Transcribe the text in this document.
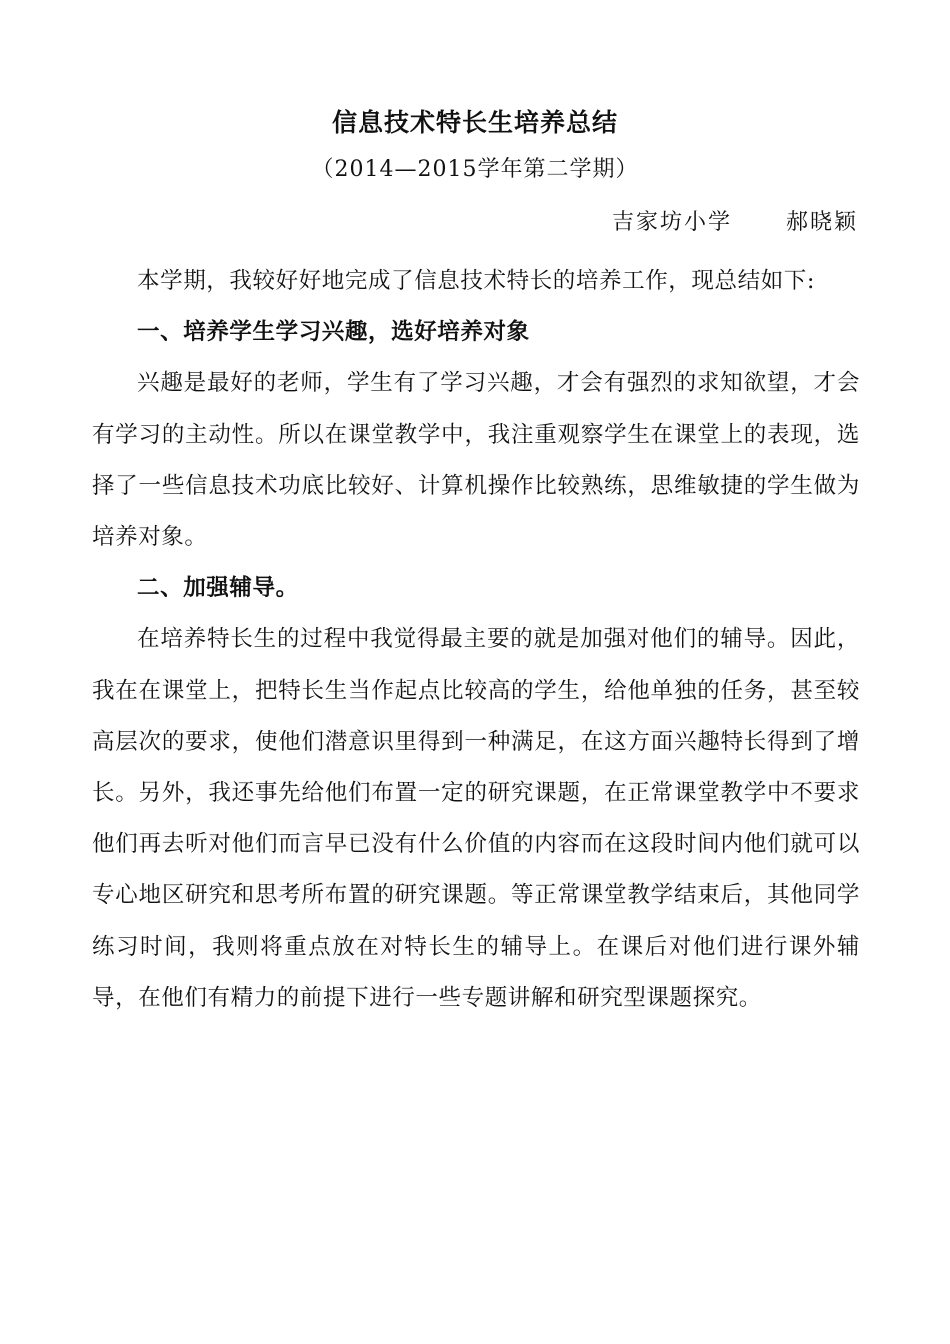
信息技术特长生培养总结
（2014—2015学年第二学期）
吉家坊小学 郝晓颖

本学期，我较好好地完成了信息技术特长的培养工作，现总结如下:

一、培养学生学习兴趣，选好培养对象

兴趣是最好的老师，学生有了学习兴趣，才会有强烈的求知欲望，才会有学习的主动性。所以在课堂教学中，我注重观察学生在课堂上的表现，选择了一些信息技术功底比较好、计算机操作比较熟练，思维敏捷的学生做为培养对象。

二、加强辅导。

在培养特长生的过程中我觉得最主要的就是加强对他们的辅导。因此，我在在课堂上，把特长生当作起点比较高的学生，给他单独的任务，甚至较高层次的要求，使他们潜意识里得到一种满足，在这方面兴趣特长得到了增长。另外，我还事先给他们布置一定的研究课题，在正常课堂教学中不要求他们再去听对他们而言早已没有什么价值的内容而在这段时间内他们就可以专心地区研究和思考所布置的研究课题。等正常课堂教学结束后，其他同学练习时间，我则将重点放在对特长生的辅导上。在课后对他们进行课外辅导，在他们有精力的前提下进行一些专题讲解和研究型课题探究。
